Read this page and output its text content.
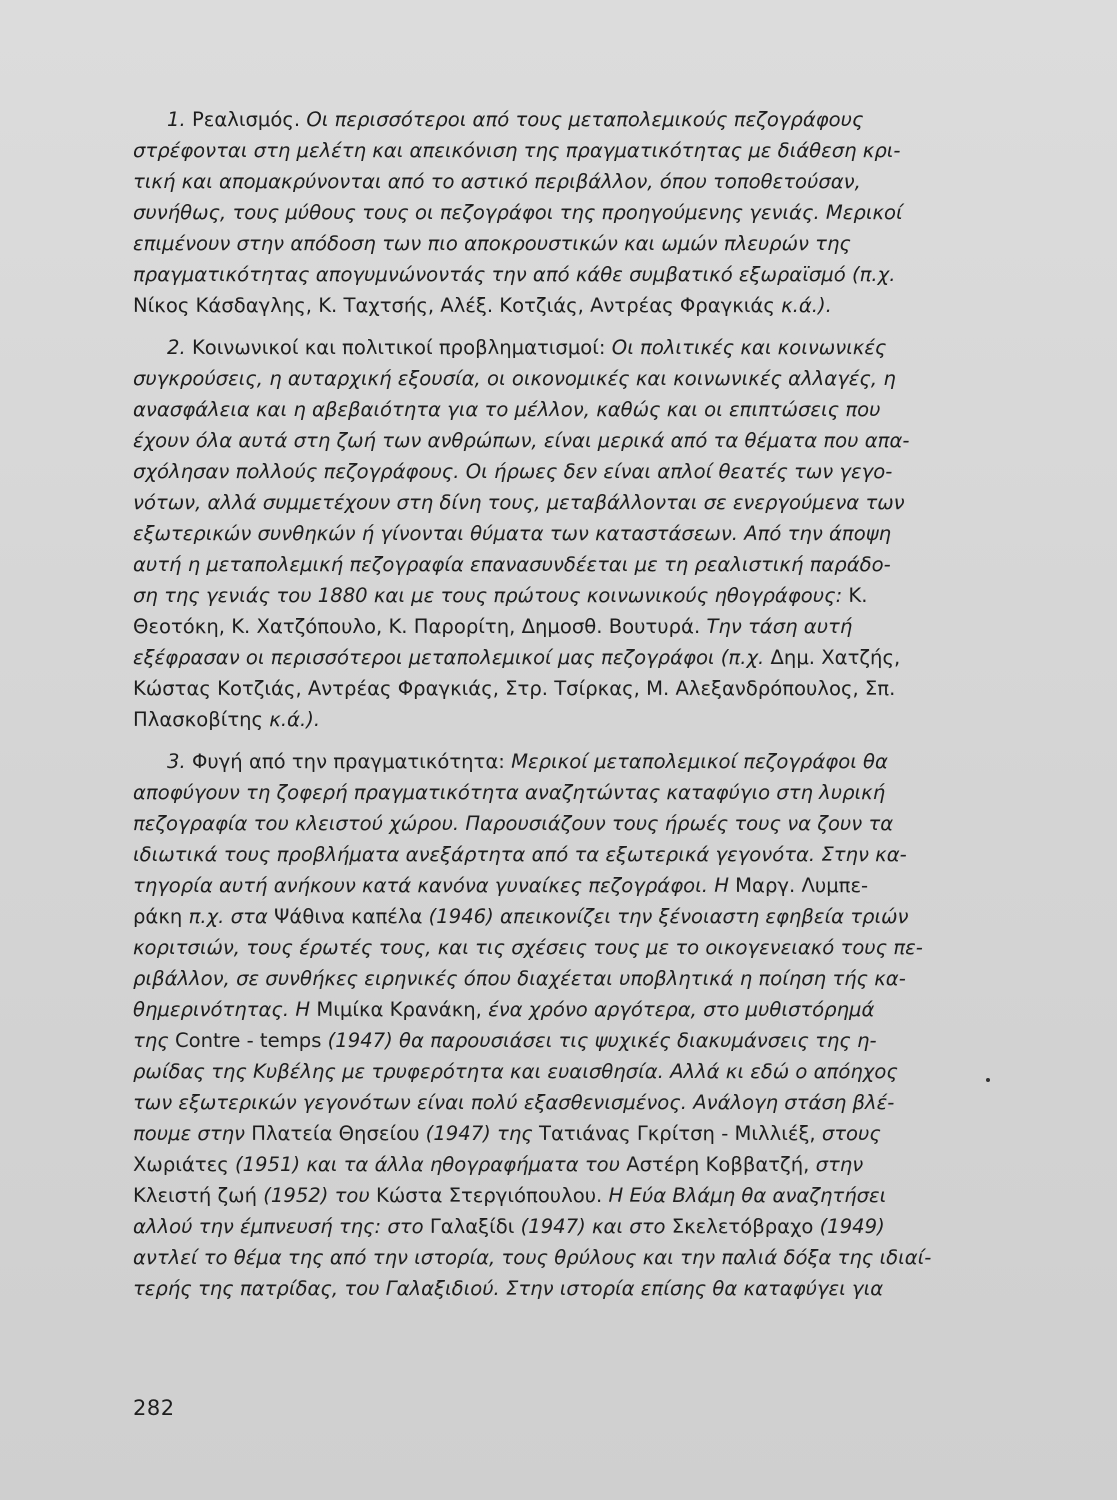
1. Ρεαλισμός. Οι περισσότεροι από τους μεταπολεμικούς πεζογράφους
στρέφονται στη μελέτη και απεικόνιση της πραγματικότητας με διάθεση κρι-
τική και απομακρύνονται από το αστικό περιβάλλον, όπου τοποθετούσαν,
συνήθως, τους μύθους τους οι πεζογράφοι της προηγούμενης γενιάς. Μερικοί
επιμένουν στην απόδοση των πιο αποκρουστικών και ωμών πλευρών της
πραγματικότητας απογυμνώνοντάς την από κάθε συμβατικό εξωραϊσμό (π.χ.
Νίκος Κάσδαγλης, Κ. Ταχτσής, Αλέξ. Κοτζιάς, Αντρέας Φραγκιάς κ.ά.).
2. Κοινωνικοί και πολιτικοί προβληματισμοί: Οι πολιτικές και κοινωνικές
συγκρούσεις, η αυταρχική εξουσία, οι οικονομικές και κοινωνικές αλλαγές, η
ανασφάλεια και η αβεβαιότητα για το μέλλον, καθώς και οι επιπτώσεις που
έχουν όλα αυτά στη ζωή των ανθρώπων, είναι μερικά από τα θέματα που απα-
σχόλησαν πολλούς πεζογράφους. Οι ήρωες δεν είναι απλοί θεατές των γεγο-
νότων, αλλά συμμετέχουν στη δίνη τους, μεταβάλλονται σε ενεργούμενα των
εξωτερικών συνθηκών ή γίνονται θύματα των καταστάσεων. Από την άποψη
αυτή η μεταπολεμική πεζογραφία επανασυνδέεται με τη ρεαλιστική παράδο-
ση της γενιάς του 1880 και με τους πρώτους κοινωνικούς ηθογράφους: Κ.
Θεοτόκη, Κ. Χατζόπουλο, Κ. Παρορίτη, Δημοσθ. Βουτυρά. Την τάση αυτή
εξέφρασαν οι περισσότεροι μεταπολεμικοί μας πεζογράφοι (π.χ. Δημ. Χατζής,
Κώστας Κοτζιάς, Αντρέας Φραγκιάς, Στρ. Τσίρκας, Μ. Αλεξανδρόπουλος, Σπ.
Πλασκοβίτης κ.ά.).
3. Φυγή από την πραγματικότητα: Μερικοί μεταπολεμικοί πεζογράφοι θα
αποφύγουν τη ζοφερή πραγματικότητα αναζητώντας καταφύγιο στη λυρική
πεζογραφία του κλειστού χώρου. Παρουσιάζουν τους ήρωές τους να ζουν τα
ιδιωτικά τους προβλήματα ανεξάρτητα από τα εξωτερικά γεγονότα. Στην κα-
τηγορία αυτή ανήκουν κατά κανόνα γυναίκες πεζογράφοι. Η Μαργ. Λυμπε-
ράκη π.χ. στα Ψάθινα καπέλα (1946) απεικονίζει την ξένοιαστη εφηβεία τριών
κοριτσιών, τους έρωτές τους, και τις σχέσεις τους με το οικογενειακό τους πε-
ριβάλλον, σε συνθήκες ειρηνικές όπου διαχέεται υποβλητικά η ποίηση τής κα-
θημερινότητας. Η Μιμίκα Κρανάκη, ένα χρόνο αργότερα, στο μυθιστόρημά
της Contre - temps (1947) θα παρουσιάσει τις ψυχικές διακυμάνσεις της η-
ρωίδας της Κυβέλης με τρυφερότητα και ευαισθησία. Αλλά κι εδώ ο απόηχος
των εξωτερικών γεγονότων είναι πολύ εξασθενισμένος. Ανάλογη στάση βλέ-
πουμε στην Πλατεία Θησείου (1947) της Τατιάνας Γκρίτση - Μιλλιέξ, στους
Χωριάτες (1951) και τα άλλα ηθογραφήματα του Αστέρη Κοββατζή, στην
Κλειστή ζωή (1952) του Κώστα Στεργιόπουλου. Η Εύα Βλάμη θα αναζητήσει
αλλού την έμπνευσή της: στο Γαλαξίδι (1947) και στο Σκελετόβραχο (1949)
αντλεί το θέμα της από την ιστορία, τους θρύλους και την παλιά δόξα της ιδιαί-
τερής της πατρίδας, του Γαλαξιδιού. Στην ιστορία επίσης θα καταφύγει για
282
